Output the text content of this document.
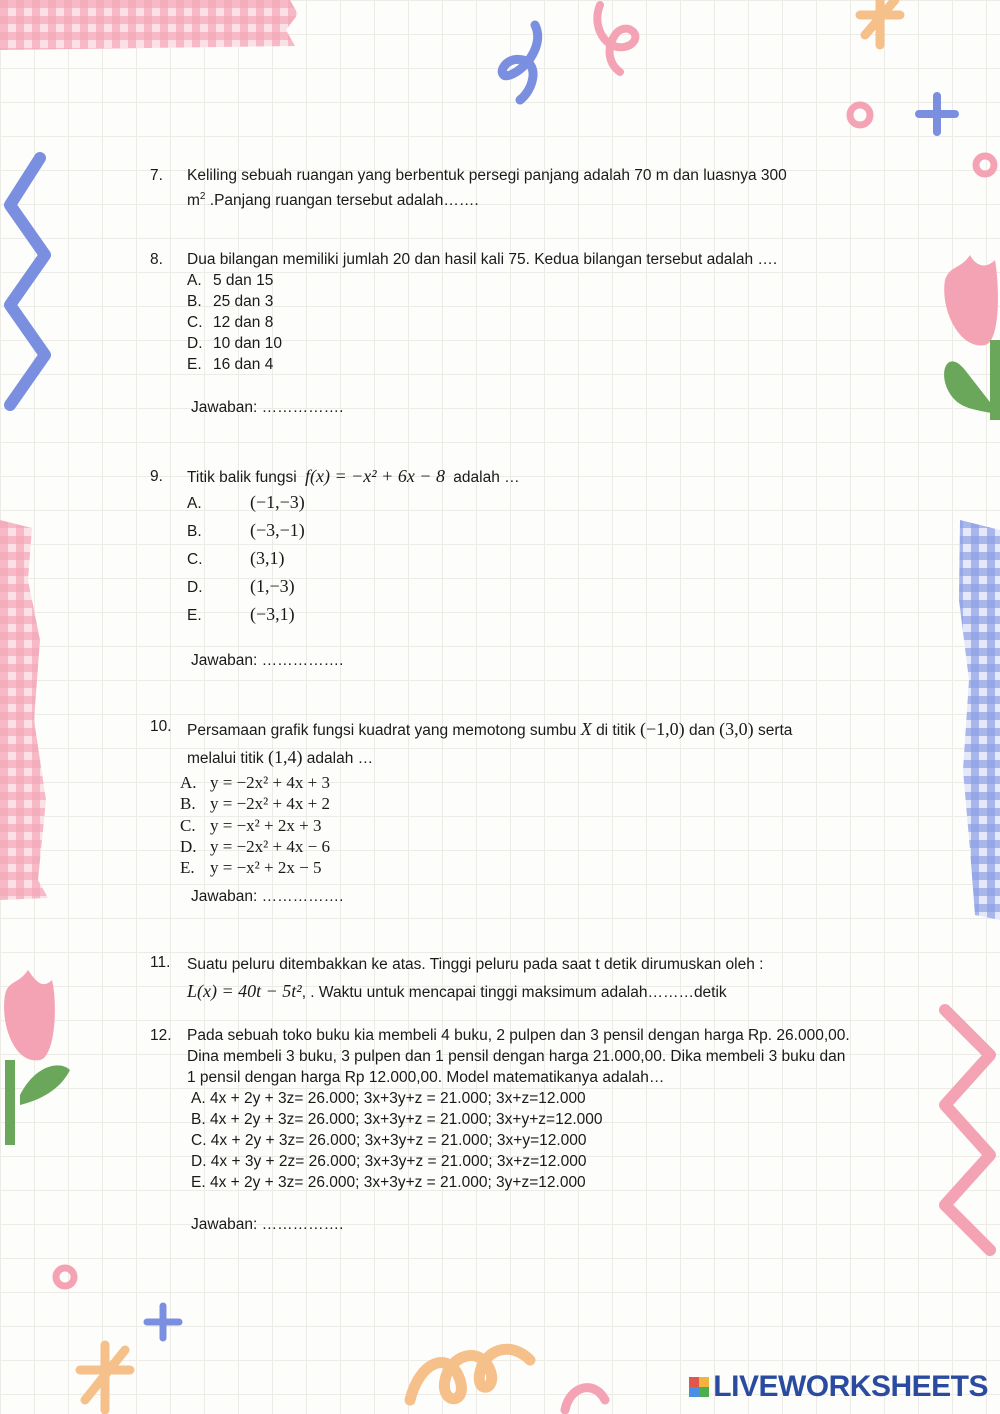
7. Keliling sebuah ruangan yang berbentuk persegi panjang adalah 70 m dan luasnya 300
$m^2$ .Panjang ruangan tersebut adalah…….
8. Dua bilangan memiliki jumlah 20 dan hasil kali 75. Kedua bilangan tersebut adalah ….
A. 5 dan 15
B. 25 dan 3
C. 12 dan 8
D. 10 dan 10
E. 16 dan 4
Jawaban: …………….
9. Titik balik fungsi f(x) = −x² + 6x − 8 adalah …
A.	(−1,−3)
B.	(−3,−1)
C.	(3,1)
D.	(1,−3)
E.	(−3,1)
Jawaban: …………….
10. Persamaan grafik fungsi kuadrat yang memotong sumbu X di titik (−1,0) dan (3,0) serta
melalui titik (1,4) adalah …
A. y = −2x² + 4x + 3
B. y = −2x² + 4x + 2
C. y = −x² + 2x + 3
D. y = −2x² + 4x − 6
E. y = −x² + 2x − 5
Jawaban: …………….
11. Suatu peluru ditembakkan ke atas. Tinggi peluru pada saat t detik dirumuskan oleh :
L(x) = 40t − 5t², . Waktu untuk mencapai tinggi maksimum adalah………detik
12. Pada sebuah toko buku kia membeli 4 buku, 2 pulpen dan 3 pensil dengan harga Rp. 26.000,00.
Dina membeli 3 buku, 3 pulpen dan 1 pensil dengan harga 21.000,00. Dika membeli 3 buku dan
1 pensil dengan harga Rp 12.000,00. Model matematikanya adalah…
A. 4x + 2y + 3z= 26.000; 3x+3y+z = 21.000; 3x+z=12.000
B. 4x + 2y + 3z= 26.000; 3x+3y+z = 21.000; 3x+y+z=12.000
C. 4x + 2y + 3z= 26.000; 3x+3y+z = 21.000; 3x+y=12.000
D. 4x + 3y + 2z= 26.000; 3x+3y+z = 21.000; 3x+z=12.000
E. 4x + 2y + 3z= 26.000; 3x+3y+z = 21.000; 3y+z=12.000
Jawaban: …………….
LIVEWORKSHEETS
